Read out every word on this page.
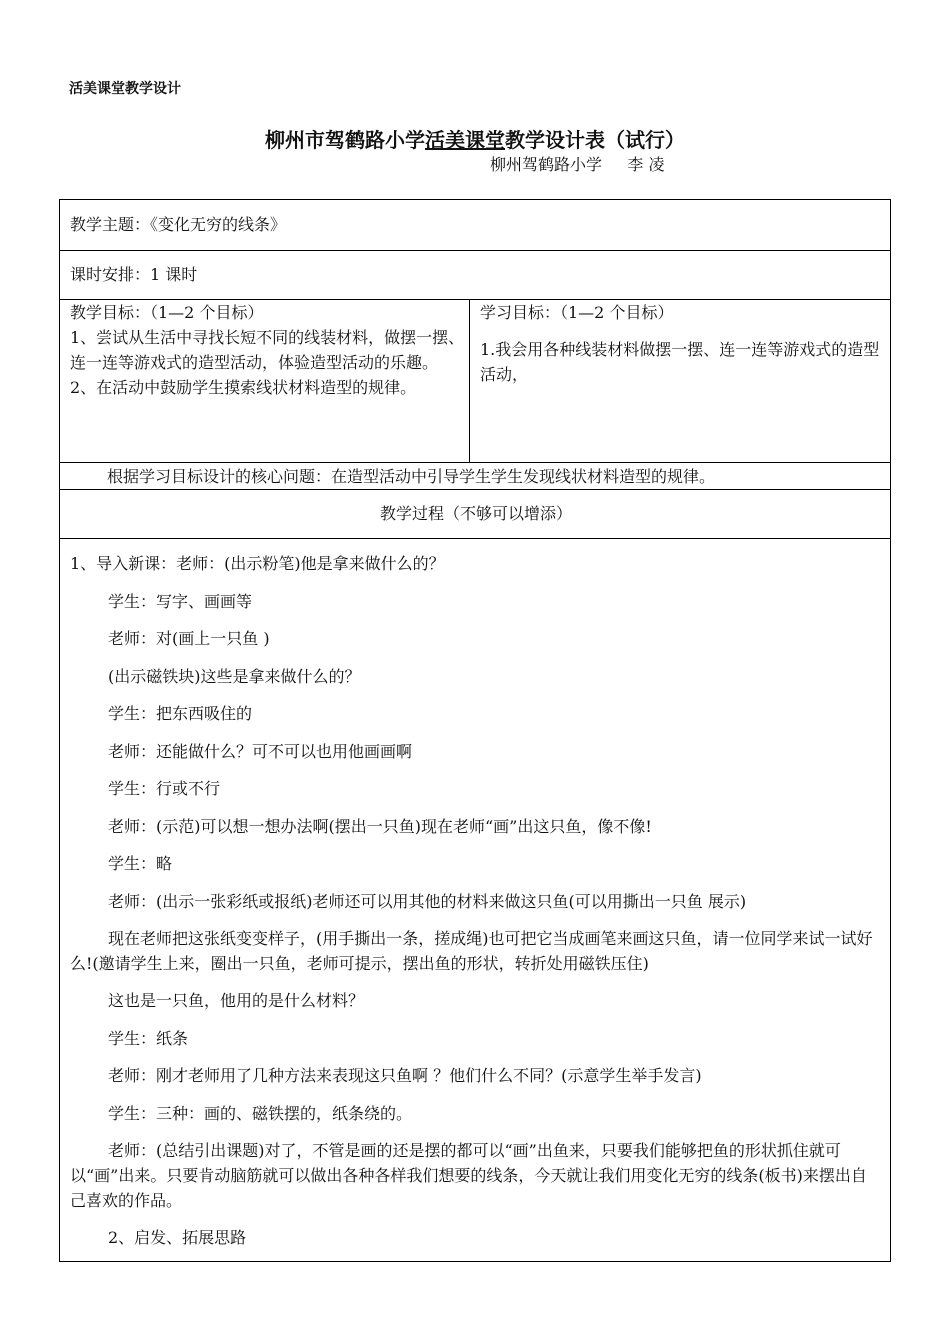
活美课堂教学设计
柳州市驾鹤路小学活美课堂教学设计表（试行）
柳州驾鹤路小学     李 凌
教学主题：《变化无穷的线条》
课时安排：1 课时
教学目标：（1—2 个目标）
1、尝试从生活中寻找长短不同的线装材料，做摆一摆、连一连等游戏式的造型活动，体验造型活动的乐趣。
2、在活动中鼓励学生摸索线状材料造型的规律。
学习目标：（1—2 个目标）
1.我会用各种线装材料做摆一摆、连一连等游戏式的造型活动，
根据学习目标设计的核心问题：在造型活动中引导学生学生发现线状材料造型的规律。
教学过程（不够可以增添）

1、导入新课：老师：(出示粉笔)他是拿来做什么的？

学生：写字、画画等

老师：对(画上一只鱼 )

(出示磁铁块)这些是拿来做什么的？

学生：把东西吸住的

老师：还能做什么？可不可以也用他画画啊

学生：行或不行

老师：(示范)可以想一想办法啊(摆出一只鱼)现在老师“画”出这只鱼，像不像!

学生：略

老师：(出示一张彩纸或报纸)老师还可以用其他的材料来做这只鱼(可以用撕出一只鱼 展示)

现在老师把这张纸变变样子，(用手撕出一条，搓成绳)也可把它当成画笔来画这只鱼，请一位同学来试一试好么!(邀请学生上来，圈出一只鱼，老师可提示，摆出鱼的形状，转折处用磁铁压住)

这也是一只鱼，他用的是什么材料？

学生：纸条

老师：刚才老师用了几种方法来表现这只鱼啊 ？他们什么不同？(示意学生举手发言)

学生：三种：画的、磁铁摆的，纸条绕的。

老师：(总结引出课题)对了，不管是画的还是摆的都可以“画”出鱼来，只要我们能够把鱼的形状抓住就可以“画”出来。只要肯动脑筋就可以做出各种各样我们想要的线条，今天就让我们用变化无穷的线条(板书)来摆出自己喜欢的作品。

2、启发、拓展思路
